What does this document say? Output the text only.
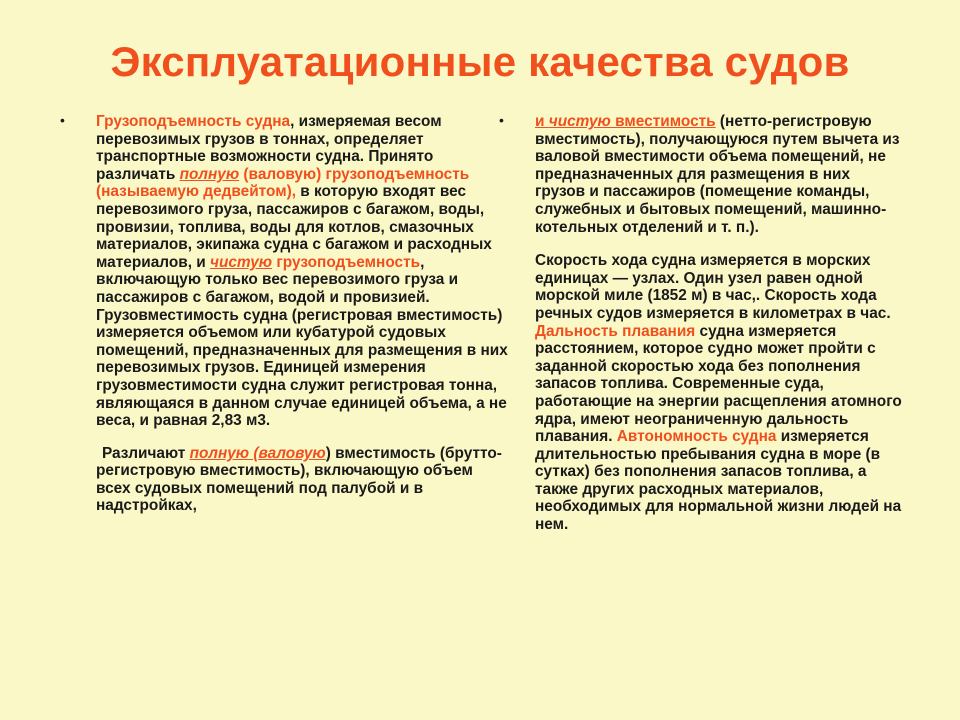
Эксплуатационные качества судов
•	•

Грузоподъемность судна, измеряемая весом перевозимых грузов в тоннах, определяет транспортные возможности судна. Принято различать полную (валовую) грузоподъемность (называемую дедвейтом), в которую входят вес перевозимого груза, пассажиров с багажом, воды, провизии, топлива, воды для котлов, смазочных материалов, экипажа судна с багажом и расходных материалов, и чистую грузоподъемность, включающую только вес перевозимого груза и пассажиров с багажом, водой и провизией. Грузовместимость судна (регистровая вместимость) измеряется объемом или кубатурой судовых помещений, предназначенных для размещения в них перевозимых грузов. Единицей измерения грузовместимости судна служит регистровая тонна, являющаяся в данном случае единицей объема, а не веса, и равная 2,83 м3.

Различают полную (валовую) вместимость (брутто-регистровую вместимость), включающую объем всех судовых помещений под палубой и в надстройках,

и чистую вместимость (нетто-регистровую вместимость), получающуюся путем вычета из валовой вместимости объема помещений, не предназначенных для размещения в них грузов и пассажиров (помещение команды, служебных и бытовых помещений, машинно-котельных отделений и т. п.).

Скорость хода судна измеряется в морских единицах — узлах. Один узел равен одной морской миле (1852 м) в час,. Скорость хода речных судов измеряется в километрах в час. Дальность плавания судна измеряется расстоянием, которое судно может пройти с заданной скоростью хода без пополнения запасов топлива. Современные суда, работающие на энергии расщепления атомного ядра, имеют неограниченную дальность плавания. Автономность судна измеряется длительностью пребывания судна в море (в сутках) без пополнения запасов топлива, а также других расходных материалов, необходимых для нормальной жизни людей на нем.
